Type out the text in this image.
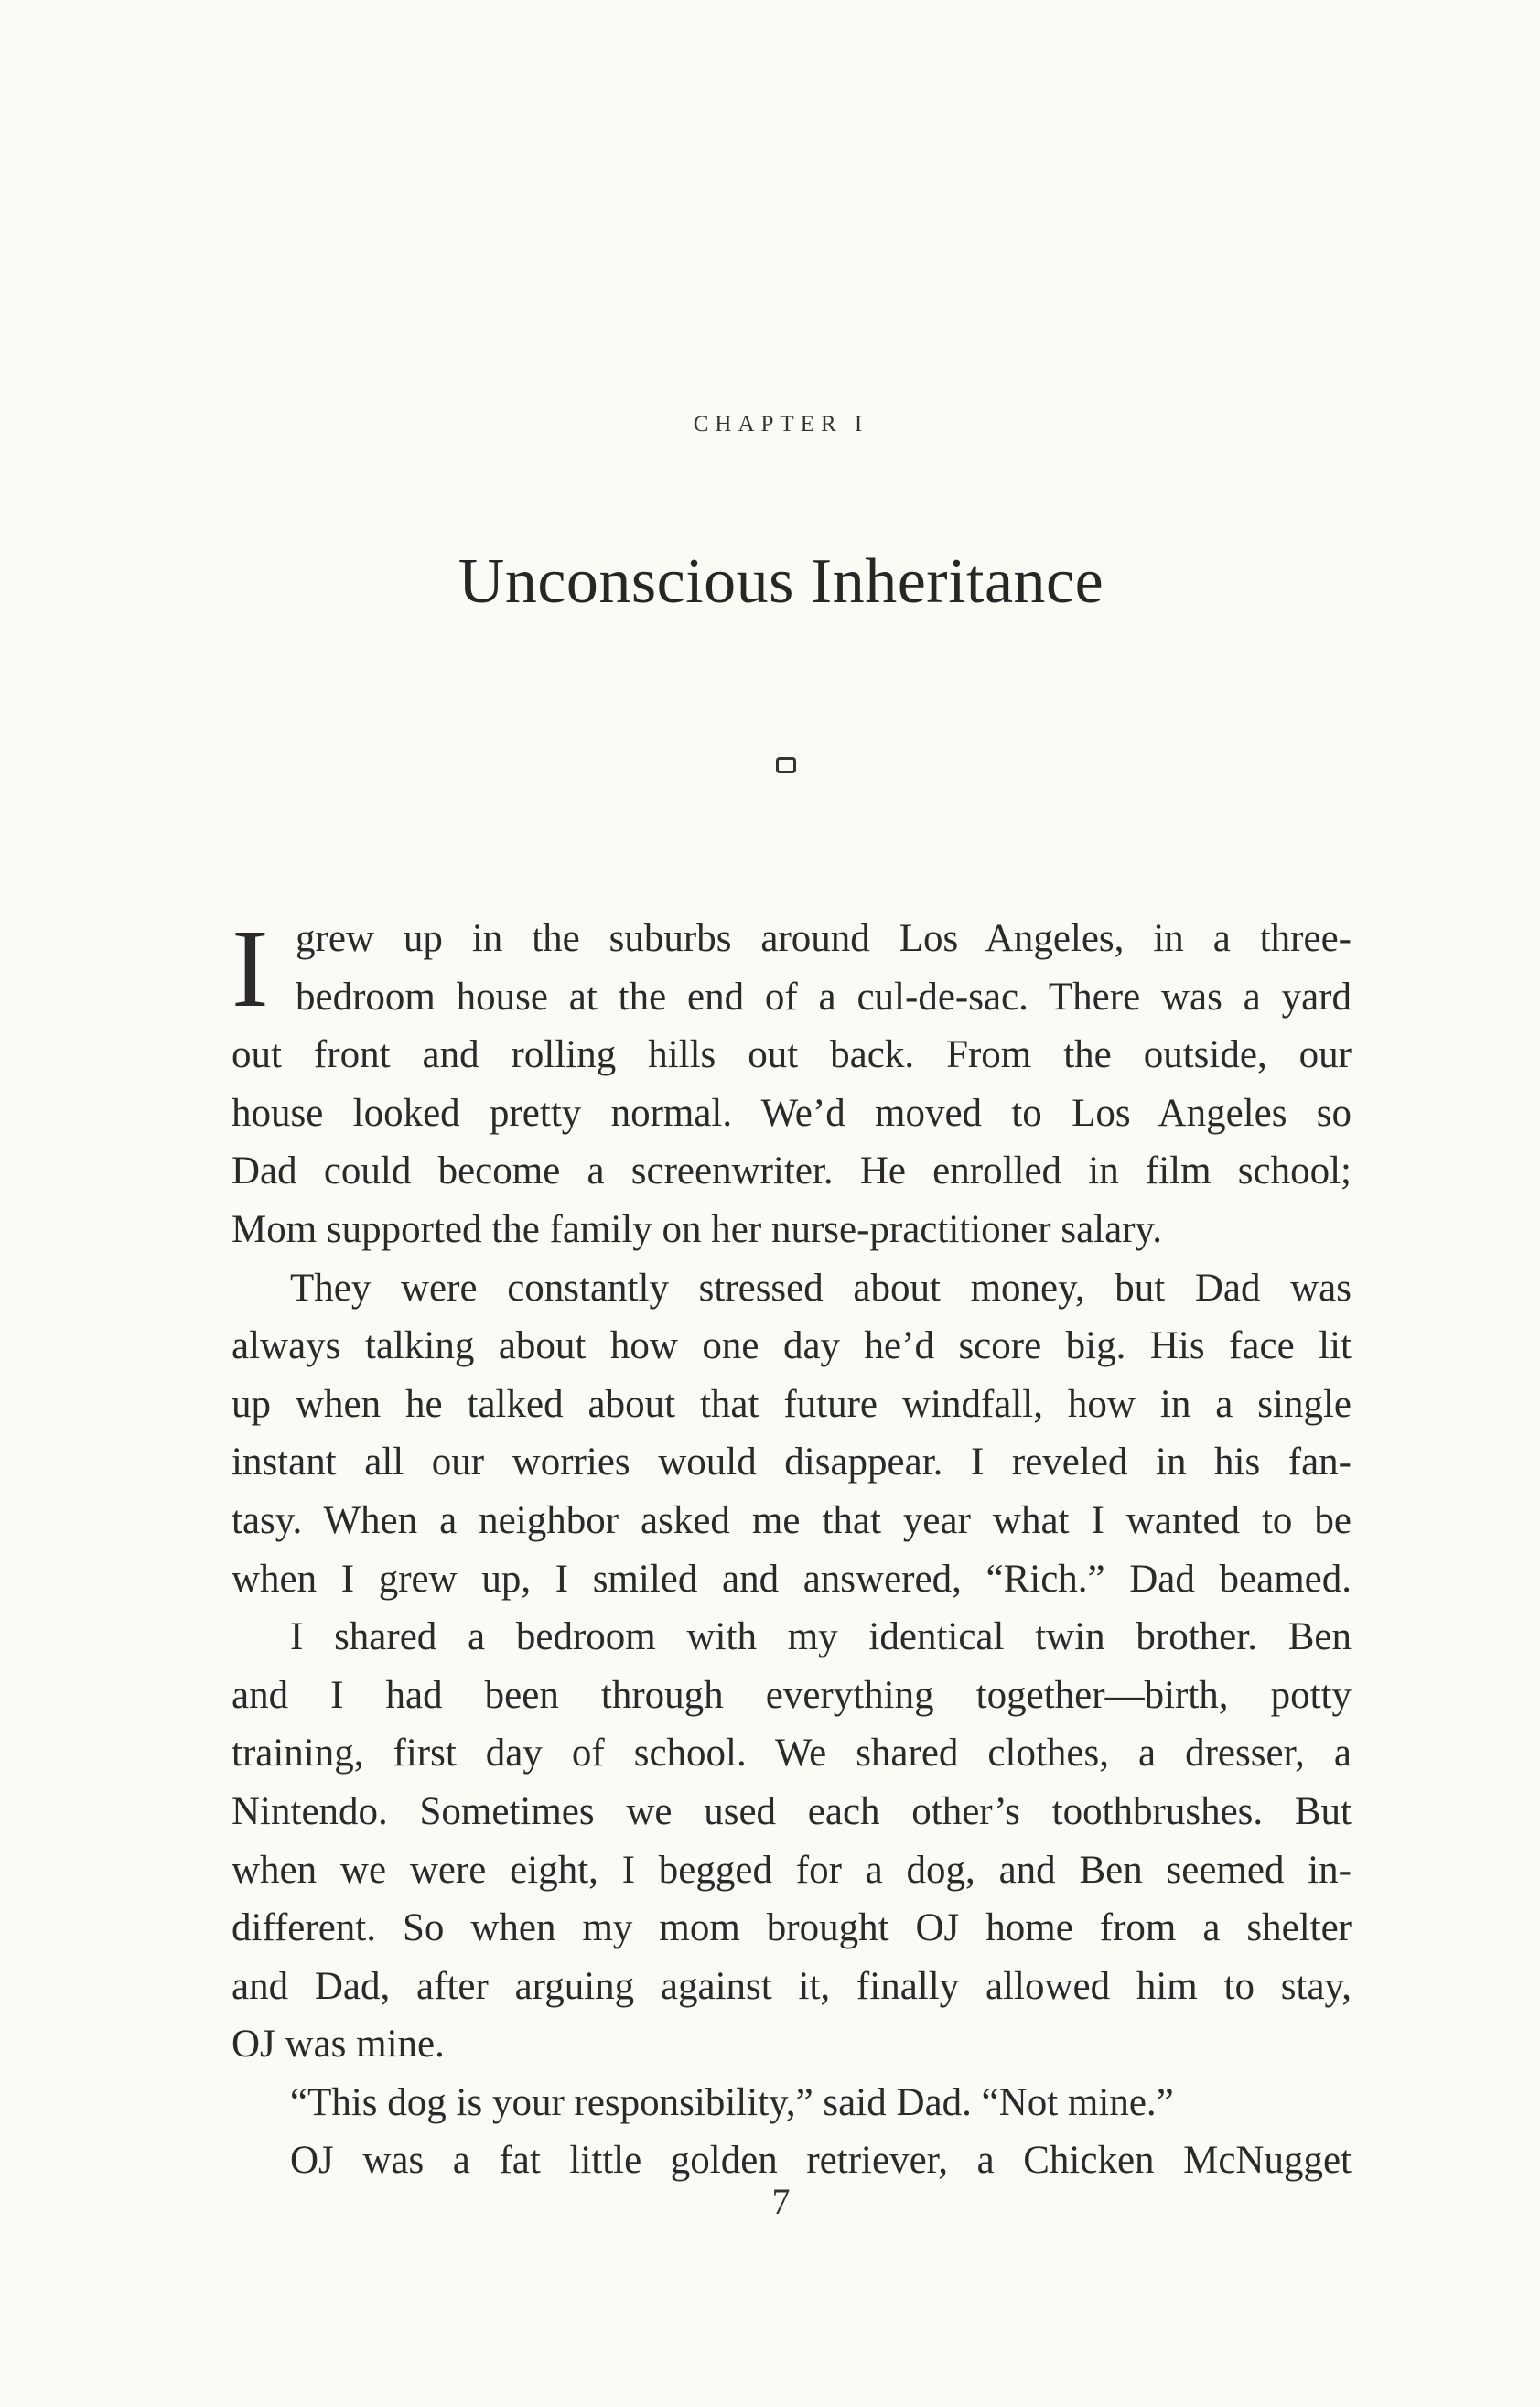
CHAPTER I
Unconscious Inheritance
I grew up in the suburbs around Los Angeles, in a three-
bedroom house at the end of a cul-de-sac. There was a yard
out front and rolling hills out back. From the outside, our
house looked pretty normal. We’d moved to Los Angeles so
Dad could become a screenwriter. He enrolled in film school;
Mom supported the family on her nurse-practitioner salary.
They were constantly stressed about money, but Dad was
always talking about how one day he’d score big. His face lit
up when he talked about that future windfall, how in a single
instant all our worries would disappear. I reveled in his fan-
tasy. When a neighbor asked me that year what I wanted to be
when I grew up, I smiled and answered, “Rich.” Dad beamed.
I shared a bedroom with my identical twin brother. Ben
and I had been through everything together—birth, potty
training, first day of school. We shared clothes, a dresser, a
Nintendo. Sometimes we used each other’s toothbrushes. But
when we were eight, I begged for a dog, and Ben seemed in-
different. So when my mom brought OJ home from a shelter
and Dad, after arguing against it, finally allowed him to stay,
OJ was mine.
“This dog is your responsibility,” said Dad. “Not mine.”
OJ was a fat little golden retriever, a Chicken McNugget
7
